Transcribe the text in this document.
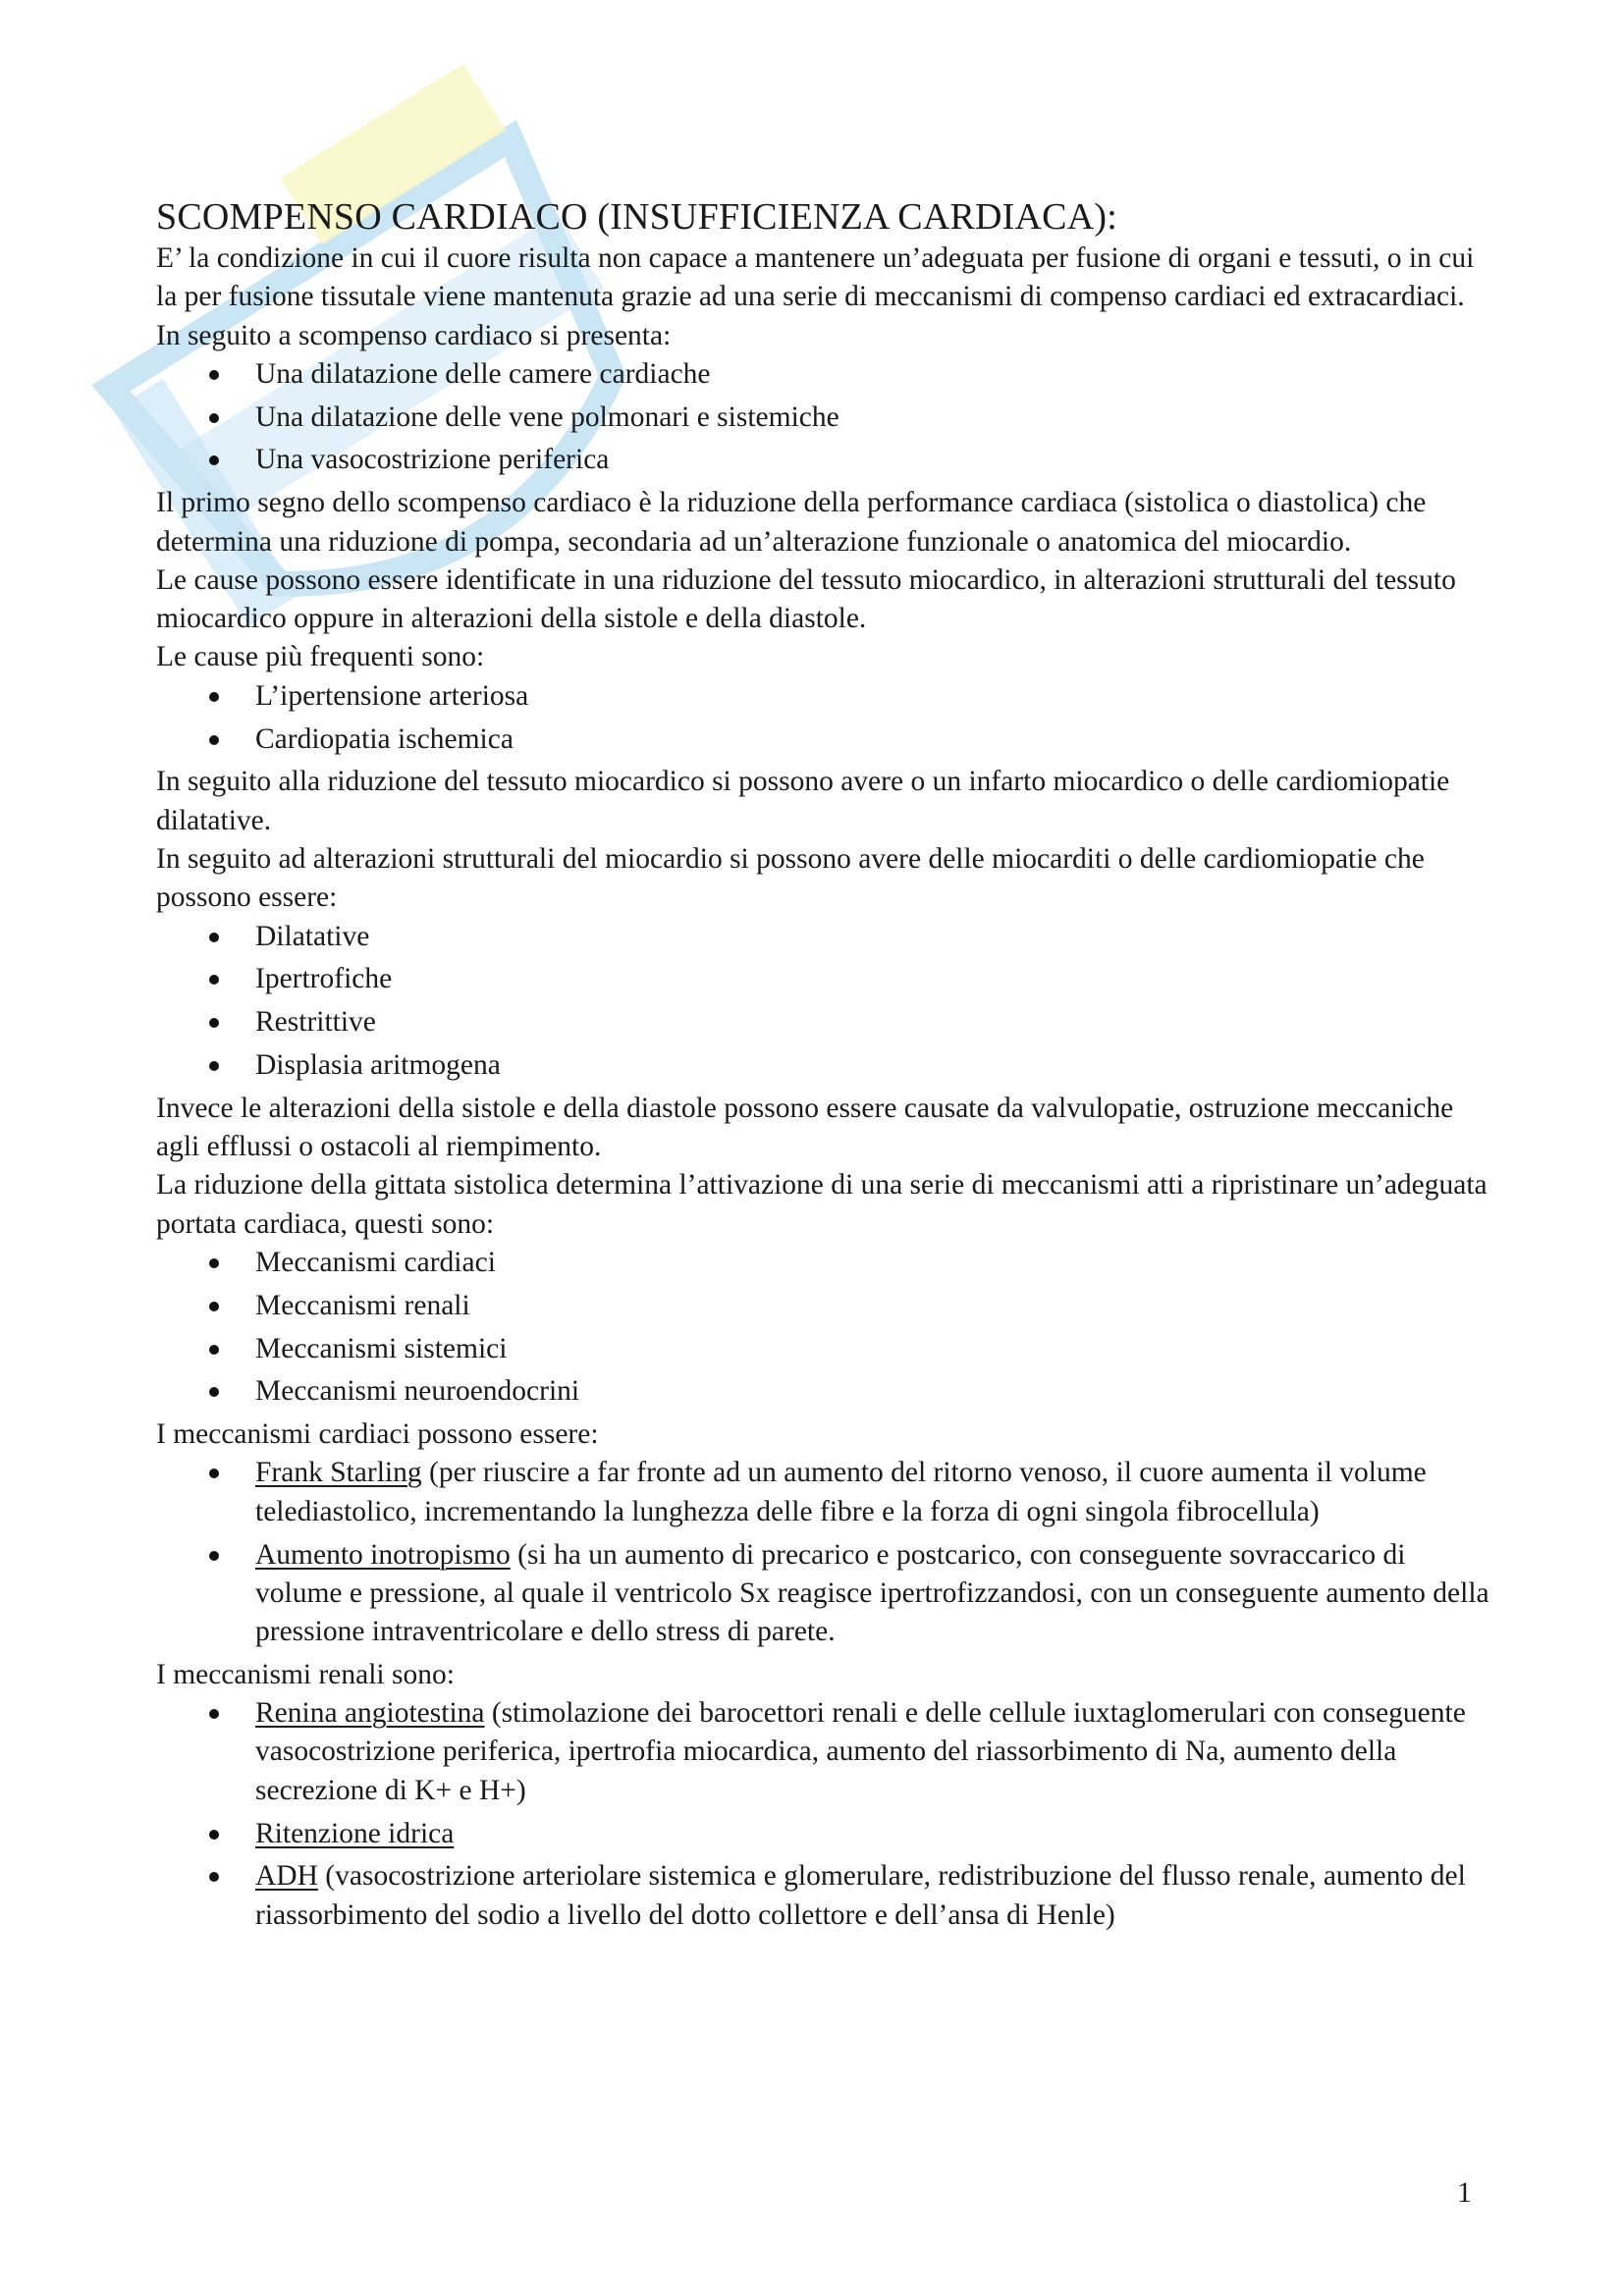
SCOMPENSO CARDIACO (INSUFFICIENZA CARDIACA):

E’ la condizione in cui il cuore risulta non capace a mantenere un’adeguata per fusione di organi e tessuti, o in cui la per fusione tissutale viene mantenuta grazie ad una serie di meccanismi di compenso cardiaci ed extracardiaci.

In seguito a scompenso cardiaco si presenta:

Una dilatazione delle camere cardiache
Una dilatazione delle vene polmonari e sistemiche
Una vasocostrizione periferica

Il primo segno dello scompenso cardiaco è la riduzione della performance cardiaca (sistolica o diastolica) che determina una riduzione di pompa, secondaria ad un’alterazione funzionale o anatomica del miocardio.

Le cause possono essere identificate in una riduzione del tessuto miocardico, in alterazioni strutturali del tessuto miocardico oppure in alterazioni della sistole e della diastole.

Le cause più frequenti sono:

L’ipertensione arteriosa
Cardiopatia ischemica

In seguito alla riduzione del tessuto miocardico si possono avere o un infarto miocardico o delle cardiomiopatie dilatative.

In seguito ad alterazioni strutturali del miocardio si possono avere delle miocarditi o delle cardiomiopatie che possono essere:

Dilatative
Ipertrofiche
Restrittive
Displasia aritmogena

Invece le alterazioni della sistole e della diastole possono essere causate da valvulopatie, ostruzione meccaniche agli efflussi o ostacoli al riempimento.

La riduzione della gittata sistolica determina l’attivazione di una serie di meccanismi atti a ripristinare un’adeguata portata cardiaca, questi sono:

Meccanismi cardiaci
Meccanismi renali
Meccanismi sistemici
Meccanismi neuroendocrini

I meccanismi cardiaci possono essere:

Frank Starling (per riuscire a far fronte ad un aumento del ritorno venoso, il cuore aumenta il volume telediastolico, incrementando la lunghezza delle fibre e la forza di ogni singola fibrocellula)
Aumento inotropismo (si ha un aumento di precarico e postcarico, con conseguente sovraccarico di volume e pressione, al quale il ventricolo Sx reagisce ipertrofizzandosi, con un conseguente aumento della pressione intraventricolare e dello stress di parete.

I meccanismi renali sono:

Renina angiotestina (stimolazione dei barocettori renali e delle cellule iuxtaglomerulari con conseguente vasocostrizione periferica, ipertrofia miocardica, aumento del riassorbimento di Na, aumento della secrezione di K+ e H+)
Ritenzione idrica
ADH (vasocostrizione arteriolare sistemica e glomerulare, redistribuzione del flusso renale, aumento del riassorbimento del sodio a livello del dotto collettore e dell’ansa di Henle)
1
